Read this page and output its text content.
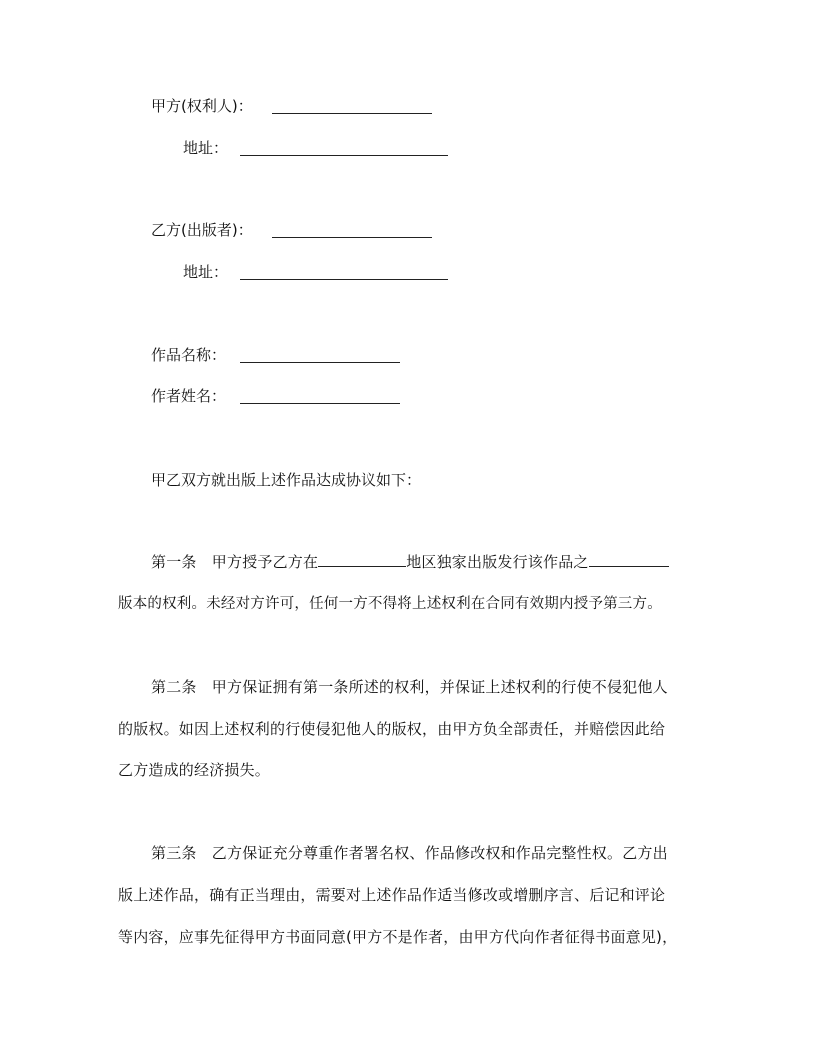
甲方(权利人)：
地址：
乙方(出版者)：
地址：
作品名称：
作者姓名：
甲乙双方就出版上述作品达成协议如下：
第一条　甲方授予乙方在	地区独家出版发行该作品之
版本的权利。未经对方许可，任何一方不得将上述权利在合同有效期内授予第三方。
第二条　甲方保证拥有第一条所述的权利，并保证上述权利的行使不侵犯他人
的版权。如因上述权利的行使侵犯他人的版权，由甲方负全部责任，并赔偿因此给
乙方造成的经济损失。
第三条　乙方保证充分尊重作者署名权、作品修改权和作品完整性权。乙方出
版上述作品，确有正当理由，需要对上述作品作适当修改或增删序言、后记和评论
等内容，应事先征得甲方书面同意(甲方不是作者，由甲方代向作者征得书面意见)，
